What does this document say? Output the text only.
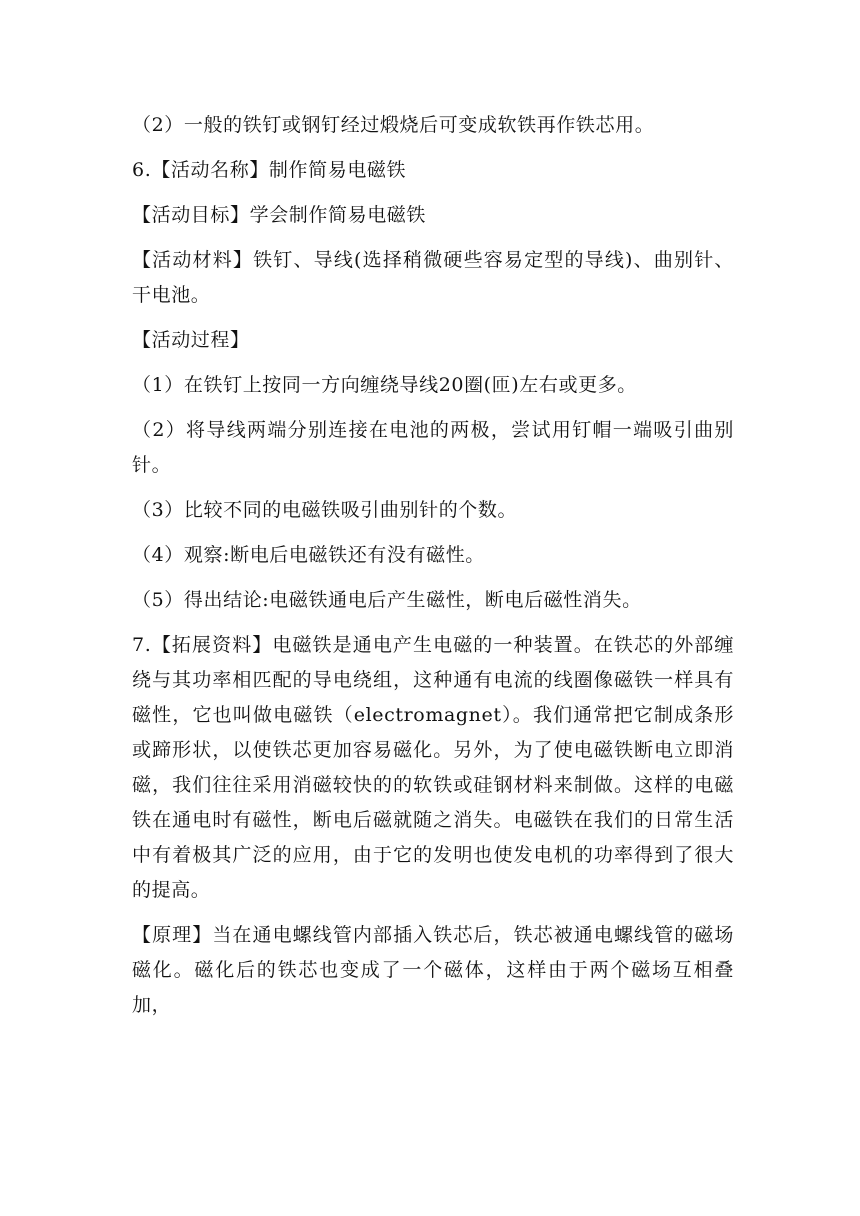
（2）一般的铁钉或钢钉经过煅烧后可变成软铁再作铁芯用。

6.【活动名称】制作简易电磁铁

【活动目标】学会制作简易电磁铁

【活动材料】铁钉、导线(选择稍微硬些容易定型的导线)、曲别针、干电池。

【活动过程】

（1）在铁钉上按同一方向缠绕导线20圈(匝)左右或更多。

（2）将导线两端分别连接在电池的两极，尝试用钉帽一端吸引曲别针。

（3）比较不同的电磁铁吸引曲别针的个数。

（4）观察:断电后电磁铁还有没有磁性。

（5）得出结论:电磁铁通电后产生磁性，断电后磁性消失。

7.【拓展资料】电磁铁是通电产生电磁的一种装置。在铁芯的外部缠绕与其功率相匹配的导电绕组，这种通有电流的线圈像磁铁一样具有磁性，它也叫做电磁铁（electromagnet）。我们通常把它制成条形或蹄形状，以使铁芯更加容易磁化。另外，为了使电磁铁断电立即消磁，我们往往采用消磁较快的的软铁或硅钢材料来制做。这样的电磁铁在通电时有磁性，断电后磁就随之消失。电磁铁在我们的日常生活中有着极其广泛的应用，由于它的发明也使发电机的功率得到了很大的提高。

【原理】当在通电螺线管内部插入铁芯后，铁芯被通电螺线管的磁场磁化。磁化后的铁芯也变成了一个磁体，这样由于两个磁场互相叠加，
